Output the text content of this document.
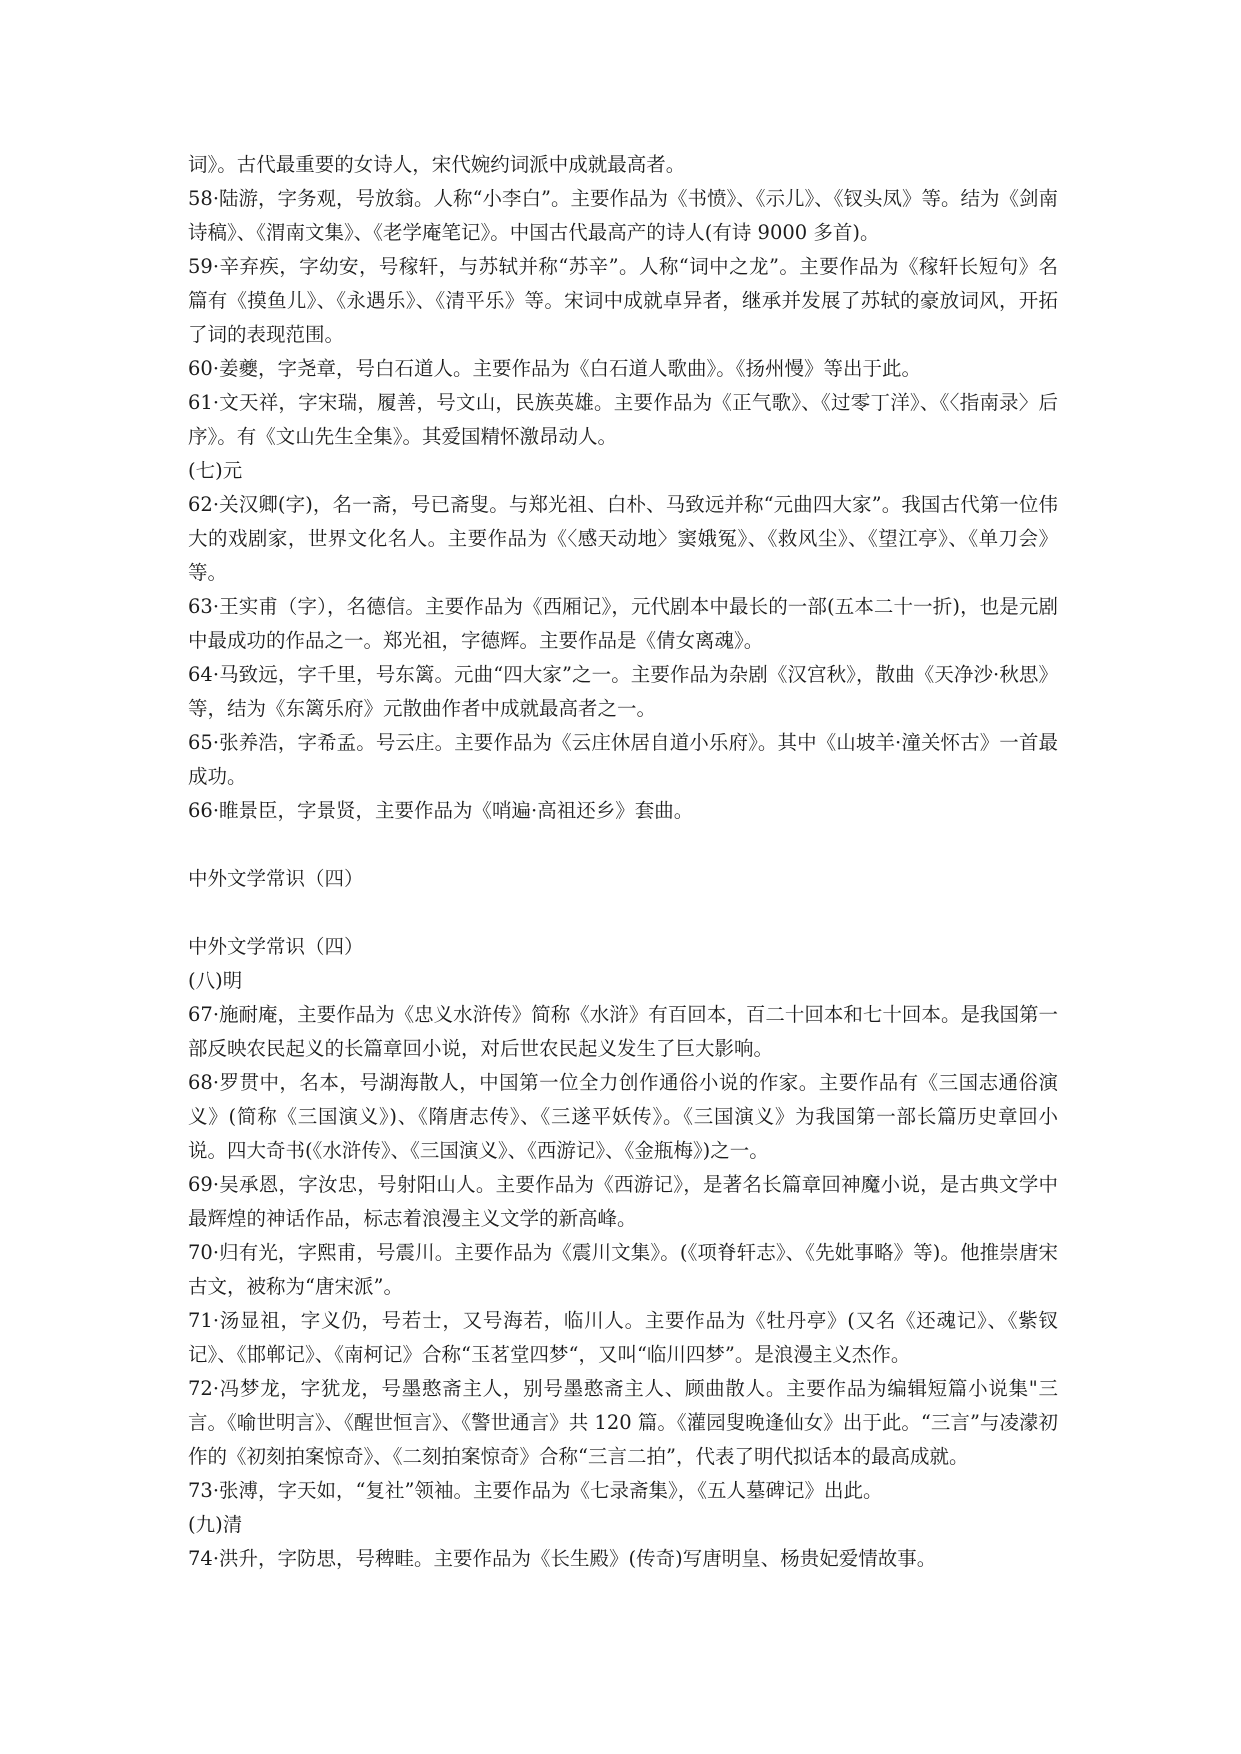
词》。古代最重要的女诗人，宋代婉约词派中成就最高者。

58·陆游，字务观，号放翁。人称“小李白”。主要作品为《书愤》、《示儿》、《钗头凤》等。结为《剑南诗稿》、《渭南文集》、《老学庵笔记》。中国古代最高产的诗人(有诗 9000 多首)。

59·辛弃疾，字幼安，号稼轩，与苏轼并称“苏辛”。人称“词中之龙”。主要作品为《稼轩长短句》名篇有《摸鱼儿》、《永遇乐》、《清平乐》等。宋词中成就卓异者，继承并发展了苏轼的豪放词风，开拓了词的表现范围。

60·姜夔，字尧章，号白石道人。主要作品为《白石道人歌曲》。《扬州慢》等出于此。

61·文天祥，字宋瑞，履善，号文山，民族英雄。主要作品为《正气歌》、《过零丁洋》、《〈指南录〉后序》。有《文山先生全集》。其爱国精怀激昂动人。

(七)元

62·关汉卿(字)，名一斋，号已斋叟。与郑光祖、白朴、马致远并称“元曲四大家”。我国古代第一位伟大的戏剧家，世界文化名人。主要作品为《〈感天动地〉窦娥冤》、《救风尘》、《望江亭》、《单刀会》等。

63·王实甫（字），名德信。主要作品为《西厢记》，元代剧本中最长的一部(五本二十一折)，也是元剧中最成功的作品之一。郑光祖，字德辉。主要作品是《倩女离魂》。

64·马致远，字千里，号东篱。元曲“四大家”之一。主要作品为杂剧《汉宫秋》，散曲《天净沙·秋思》等，结为《东篱乐府》元散曲作者中成就最高者之一。

65·张养浩，字希孟。号云庄。主要作品为《云庄休居自道小乐府》。其中《山坡羊·潼关怀古》一首最成功。

66·睢景臣，字景贤，主要作品为《哨遍·高祖还乡》套曲。

中外文学常识（四）

中外文学常识（四）

(八)明

67·施耐庵，主要作品为《忠义水浒传》简称《水浒》有百回本，百二十回本和七十回本。是我国第一部反映农民起义的长篇章回小说，对后世农民起义发生了巨大影响。

68·罗贯中，名本，号湖海散人，中国第一位全力创作通俗小说的作家。主要作品有《三国志通俗演义》(简称《三国演义》)、《隋唐志传》、《三遂平妖传》。《三国演义》为我国第一部长篇历史章回小说。四大奇书(《水浒传》、《三国演义》、《西游记》、《金瓶梅》)之一。

69·吴承恩，字汝忠，号射阳山人。主要作品为《西游记》，是著名长篇章回神魔小说，是古典文学中最辉煌的神话作品，标志着浪漫主义文学的新高峰。

70·归有光，字熙甫，号震川。主要作品为《震川文集》。(《项脊轩志》、《先妣事略》等)。他推崇唐宋古文，被称为“唐宋派”。

71·汤显祖，字义仍，号若士，又号海若，临川人。主要作品为《牡丹亭》(又名《还魂记》、《紫钗记》、《邯郸记》、《南柯记》合称“玉茗堂四梦“，又叫“临川四梦”。是浪漫主义杰作。

72·冯梦龙，字犹龙，号墨憨斋主人，别号墨憨斋主人、顾曲散人。主要作品为编辑短篇小说集"三言。《喻世明言》、《醒世恒言》、《警世通言》共 120 篇。《灌园叟晚逢仙女》出于此。“三言”与凌濛初作的《初刻拍案惊奇》、《二刻拍案惊奇》合称“三言二拍”，代表了明代拟话本的最高成就。

73·张溥，字天如，“复社”领袖。主要作品为《七录斋集》，《五人墓碑记》出此。

(九)清

74·洪升，字防思，号稗畦。主要作品为《长生殿》(传奇)写唐明皇、杨贵妃爱情故事。
